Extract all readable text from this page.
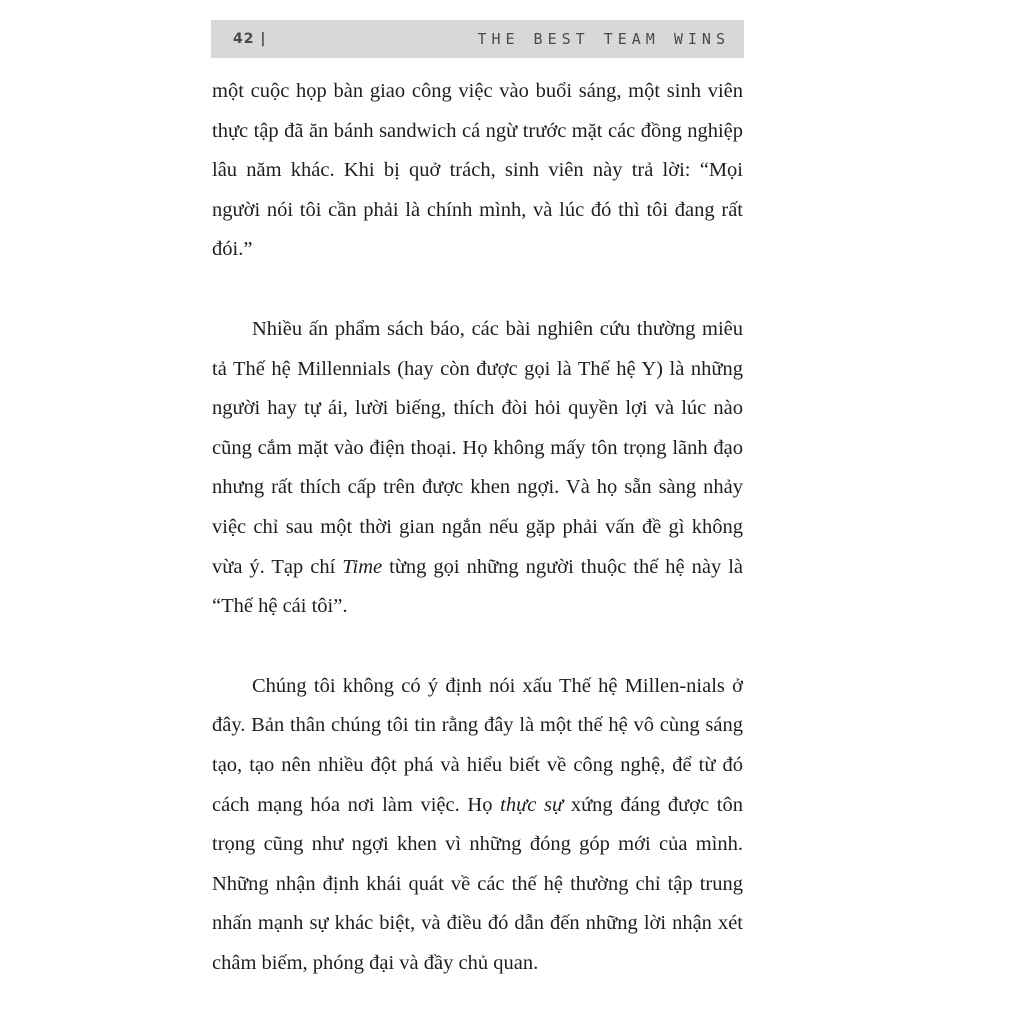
42 |	THE BEST TEAM WINS

một cuộc họp bàn giao công việc vào buổi sáng, một sinh viên thực tập đã ăn bánh sandwich cá ngừ trước mặt các đồng nghiệp lâu năm khác. Khi bị quở trách, sinh viên này trả lời: “Mọi người nói tôi cần phải là chính mình, và lúc đó thì tôi đang rất đói.”

Nhiều ấn phẩm sách báo, các bài nghiên cứu thường miêu tả Thế hệ Millennials (hay còn được gọi là Thế hệ Y) là những người hay tự ái, lười biếng, thích đòi hỏi quyền lợi và lúc nào cũng cắm mặt vào điện thoại. Họ không mấy tôn trọng lãnh đạo nhưng rất thích cấp trên được khen ngợi. Và họ sẵn sàng nhảy việc chỉ sau một thời gian ngắn nếu gặp phải vấn đề gì không vừa ý. Tạp chí Time từng gọi những người thuộc thế hệ này là “Thế hệ cái tôi”.

Chúng tôi không có ý định nói xấu Thế hệ Millen-nials ở đây. Bản thân chúng tôi tin rằng đây là một thế hệ vô cùng sáng tạo, tạo nên nhiều đột phá và hiểu biết về công nghệ, để từ đó cách mạng hóa nơi làm việc. Họ thực sự xứng đáng được tôn trọng cũng như ngợi khen vì những đóng góp mới của mình. Những nhận định khái quát về các thế hệ thường chỉ tập trung nhấn mạnh sự khác biệt, và điều đó dẫn đến những lời nhận xét châm biếm, phóng đại và đầy chủ quan.
